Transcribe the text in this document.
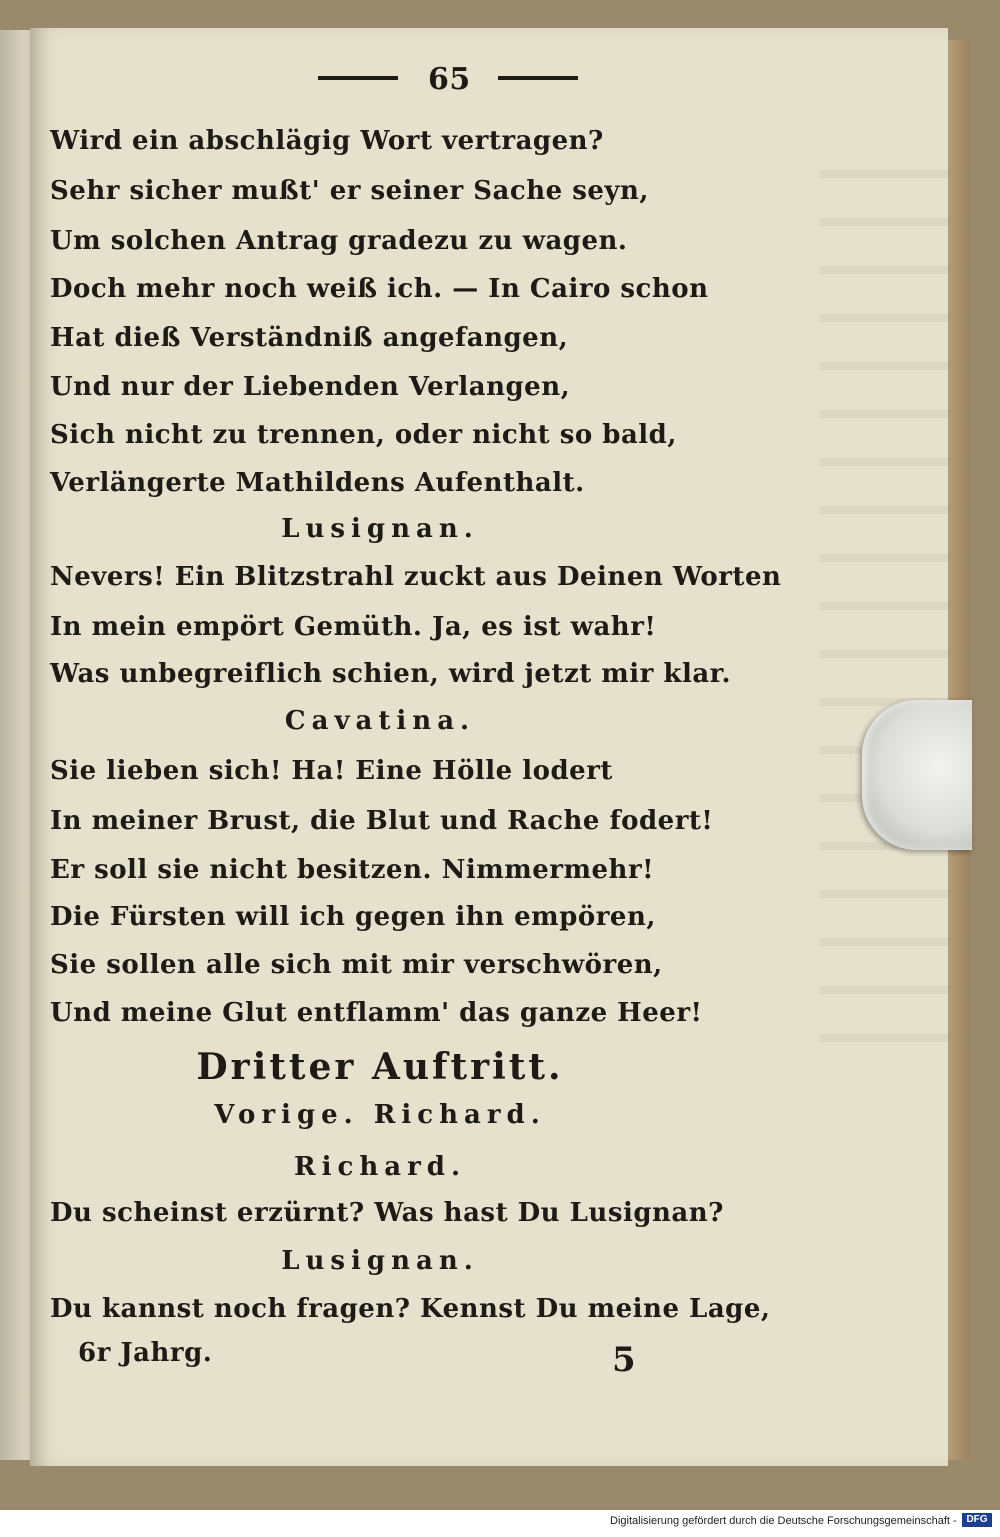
65

Wird ein abschlägig Wort vertragen?

Sehr sicher mußt' er seiner Sache seyn,

Um solchen Antrag gradezu zu wagen.

Doch mehr noch weiß ich. — In Cairo schon

Hat dieß Verständniß angefangen,

Und nur der Liebenden Verlangen,

Sich nicht zu trennen, oder nicht so bald,

Verlängerte Mathildens Aufenthalt.

Lusignan.

Nevers! Ein Blitzstrahl zuckt aus Deinen Worten

In mein empört Gemüth. Ja, es ist wahr!

Was unbegreiflich schien, wird jetzt mir klar.

Cavatina.

Sie lieben sich! Ha! Eine Hölle lodert

In meiner Brust, die Blut und Rache fodert!

Er soll sie nicht besitzen. Nimmermehr!

Die Fürsten will ich gegen ihn empören,

Sie sollen alle sich mit mir verschwören,

Und meine Glut entflamm' das ganze Heer!

Dritter Auftritt.

Vorige. Richard.

Richard.

Du scheinst erzürnt? Was hast Du Lusignan?

Lusignan.

Du kannst noch fragen? Kennst Du meine Lage,

6r Jahrg.	5

Digitalisierung gefördert durch die Deutsche Forschungsgemeinschaft - DFG
